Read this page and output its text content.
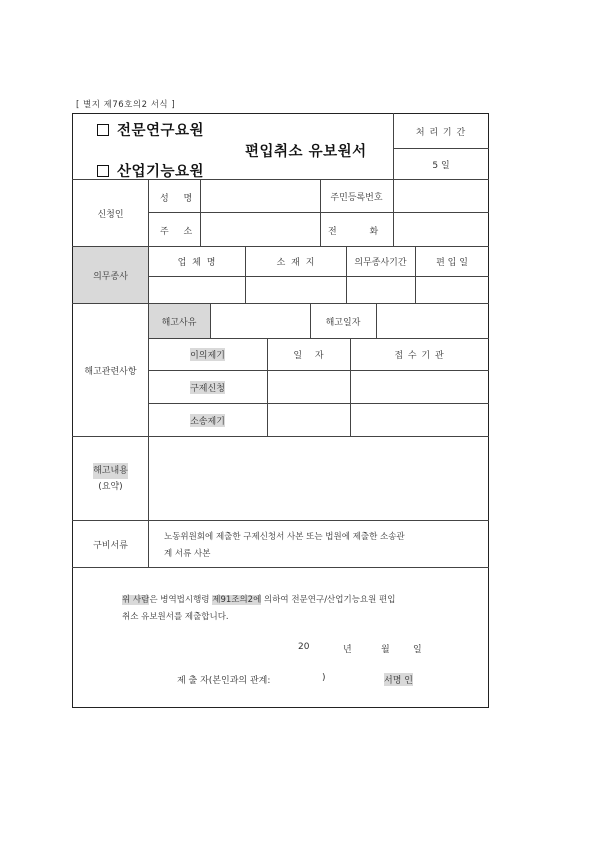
[ 별지 제76호의2 서식 ]
전문연구요원
산업기능요원
편입취소 유보원서
처 리 기 간
5 일
신청인
성 명	주민등록번호
주 소	전 화
의무종사
업 체 명	소 재 지	의무종사기간	편 입 일
해고관련사항
해고사유	해고일자
이의제기	일 자	접 수 기 관
구제신청
소송제기
해고내용
(요약)
구비서류
노동위원회에 제출한 구제신청서 사본 또는 법원에 제출한 소송관
계 서류 사본
위 사람은 병역법시행령 제91조의2에 의하여 전문연구/산업기능요원 편입
취소 유보원서를 제출합니다.
20	년	월	일
제 출 자(본인과의 관계:	)	서명 인
